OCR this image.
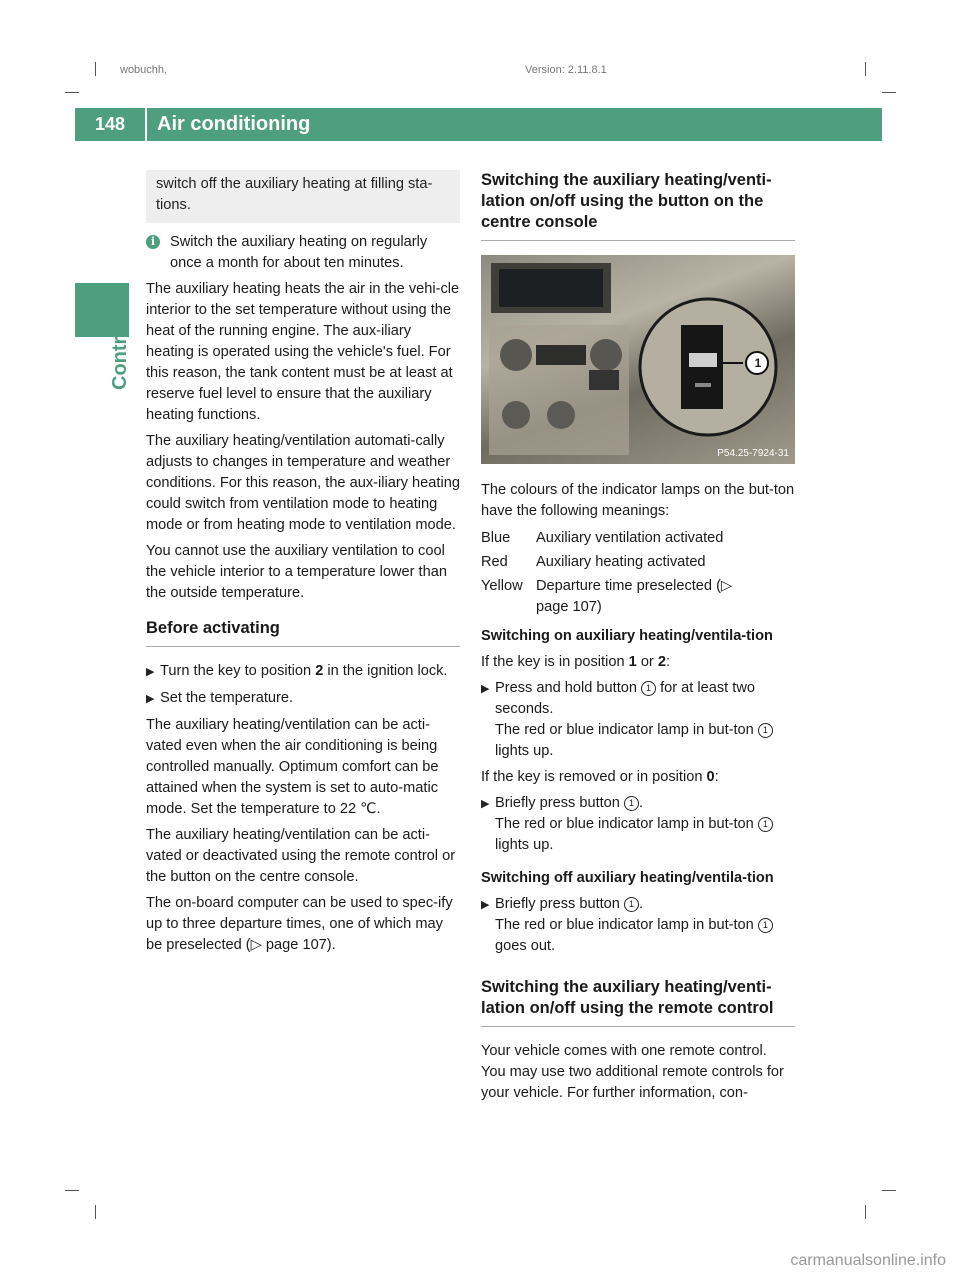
wobuchh,	Version: 2.11.8.1
148	Air conditioning
Controls
switch off the auxiliary heating at filling sta- tions.
i	Switch the auxiliary heating on regularly once a month for about ten minutes.

The auxiliary heating heats the air in the vehi-cle interior to the set temperature without using the heat of the running engine. The aux-iliary heating is operated using the vehicle's fuel. For this reason, the tank content must be at least at reserve fuel level to ensure that the auxiliary heating functions.

The auxiliary heating/ventilation automati-cally adjusts to changes in temperature and weather conditions. For this reason, the aux-iliary heating could switch from ventilation mode to heating mode or from heating mode to ventilation mode.

You cannot use the auxiliary ventilation to cool the vehicle interior to a temperature lower than the outside temperature.

Before activating
▶ Turn the key to position 2 in the ignition lock.
▶ Set the temperature.

The auxiliary heating/ventilation can be acti-vated even when the air conditioning is being controlled manually. Optimum comfort can be attained when the system is set to auto-matic mode. Set the temperature to 22 ℃.

The auxiliary heating/ventilation can be acti-vated or deactivated using the remote control or the button on the centre console.

The on-board computer can be used to spec-ify up to three departure times, one of which may be preselected (▷ page 107).

Switching the auxiliary heating/venti-lation on/off using the button on the centre console
1
P54.25-7924-31

The colours of the indicator lamps on the but-ton have the following meanings:

Blue	Auxiliary ventilation activated
Red	Auxiliary heating activated
Yellow Departure time preselected (▷ page 107)
Switching on auxiliary heating/ventila-tion

If the key is in position 1 or 2:

▶ Press and hold button 1 for at least two seconds.
The red or blue indicator lamp in but-ton 1 lights up.

If the key is removed or in position 0:

▶ Briefly press button 1 .
The red or blue indicator lamp in but-ton 1 lights up.
Switching off auxiliary heating/ventila-tion
▶ Briefly press button 1 .
The red or blue indicator lamp in but-ton 1 goes out.
Switching the auxiliary heating/venti-lation on/off using the remote control

Your vehicle comes with one remote control. You may use two additional remote controls for your vehicle. For further information, con-

carmanualsonline.info
